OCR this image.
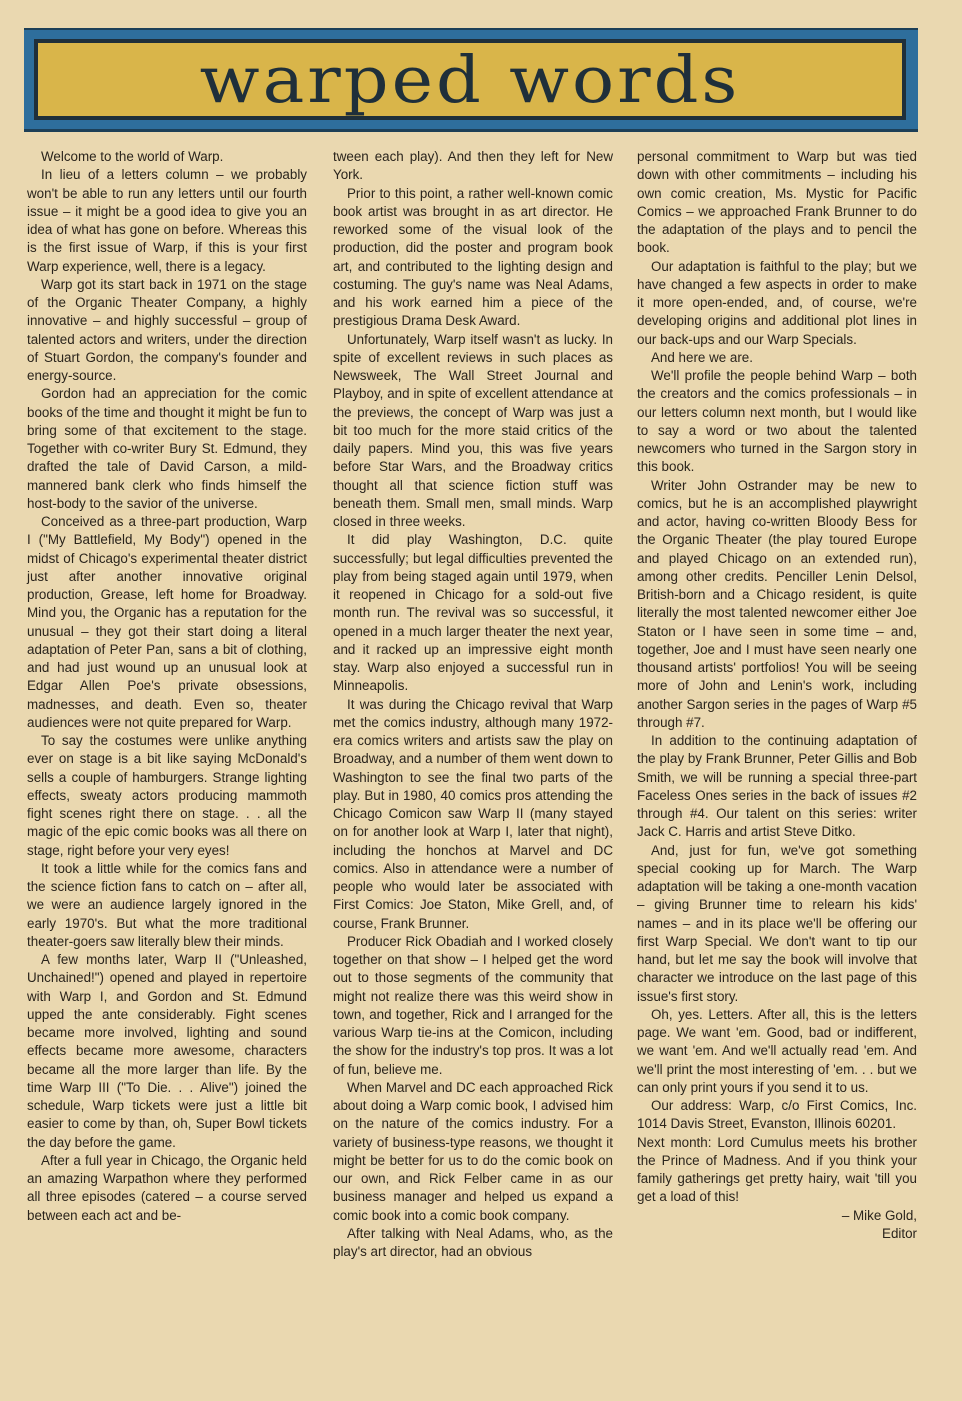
warped words

Welcome to the world of Warp.

In lieu of a letters column – we probably won't be able to run any letters until our fourth issue – it might be a good idea to give you an idea of what has gone on before. Whereas this is the first issue of Warp, if this is your first Warp experience, well, there is a legacy.

Warp got its start back in 1971 on the stage of the Organic Theater Company, a highly innovative – and highly successful – group of talented actors and writers, under the direction of Stuart Gordon, the company's founder and energy-source.

Gordon had an appreciation for the comic books of the time and thought it might be fun to bring some of that excitement to the stage. Together with co-writer Bury St. Edmund, they drafted the tale of David Carson, a mild-mannered bank clerk who finds himself the host-body to the savior of the universe.

Conceived as a three-part production, Warp I ("My Battlefield, My Body") opened in the midst of Chicago's experimental theater district just after another innovative original production, Grease, left home for Broadway. Mind you, the Organic has a reputation for the unusual – they got their start doing a literal adaptation of Peter Pan, sans a bit of clothing, and had just wound up an unusual look at Edgar Allen Poe's private obsessions, madnesses, and death. Even so, theater audiences were not quite prepared for Warp.

To say the costumes were unlike anything ever on stage is a bit like saying McDonald's sells a couple of hamburgers. Strange lighting effects, sweaty actors producing mammoth fight scenes right there on stage. . . all the magic of the epic comic books was all there on stage, right before your very eyes!

It took a little while for the comics fans and the science fiction fans to catch on – after all, we were an audience largely ignored in the early 1970's. But what the more traditional theater-goers saw literally blew their minds.

A few months later, Warp II ("Unleashed, Unchained!") opened and played in repertoire with Warp I, and Gordon and St. Edmund upped the ante considerably. Fight scenes became more involved, lighting and sound effects became more awesome, characters became all the more larger than life. By the time Warp III ("To Die. . . Alive") joined the schedule, Warp tickets were just a little bit easier to come by than, oh, Super Bowl tickets the day before the game.

After a full year in Chicago, the Organic held an amazing Warpathon where they performed all three episodes (catered – a course served between each act and be-

tween each play). And then they left for New York.

Prior to this point, a rather well-known comic book artist was brought in as art director. He reworked some of the visual look of the production, did the poster and program book art, and contributed to the lighting design and costuming. The guy's name was Neal Adams, and his work earned him a piece of the prestigious Drama Desk Award.

Unfortunately, Warp itself wasn't as lucky. In spite of excellent reviews in such places as Newsweek, The Wall Street Journal and Playboy, and in spite of excellent attendance at the previews, the concept of Warp was just a bit too much for the more staid critics of the daily papers. Mind you, this was five years before Star Wars, and the Broadway critics thought all that science fiction stuff was beneath them. Small men, small minds. Warp closed in three weeks.

It did play Washington, D.C. quite successfully; but legal difficulties prevented the play from being staged again until 1979, when it reopened in Chicago for a sold-out five month run. The revival was so successful, it opened in a much larger theater the next year, and it racked up an impressive eight month stay. Warp also enjoyed a successful run in Minneapolis.

It was during the Chicago revival that Warp met the comics industry, although many 1972-era comics writers and artists saw the play on Broadway, and a number of them went down to Washington to see the final two parts of the play. But in 1980, 40 comics pros attending the Chicago Comicon saw Warp II (many stayed on for another look at Warp I, later that night), including the honchos at Marvel and DC comics. Also in attendance were a number of people who would later be associated with First Comics: Joe Staton, Mike Grell, and, of course, Frank Brunner.

Producer Rick Obadiah and I worked closely together on that show – I helped get the word out to those segments of the community that might not realize there was this weird show in town, and together, Rick and I arranged for the various Warp tie-ins at the Comicon, including the show for the industry's top pros. It was a lot of fun, believe me.

When Marvel and DC each approached Rick about doing a Warp comic book, I advised him on the nature of the comics industry. For a variety of business-type reasons, we thought it might be better for us to do the comic book on our own, and Rick Felber came in as our business manager and helped us expand a comic book into a comic book company.

After talking with Neal Adams, who, as the play's art director, had an obvious

personal commitment to Warp but was tied down with other commitments – including his own comic creation, Ms. Mystic for Pacific Comics – we approached Frank Brunner to do the adaptation of the plays and to pencil the book.

Our adaptation is faithful to the play; but we have changed a few aspects in order to make it more open-ended, and, of course, we're developing origins and additional plot lines in our back-ups and our Warp Specials.

And here we are.

We'll profile the people behind Warp – both the creators and the comics professionals – in our letters column next month, but I would like to say a word or two about the talented newcomers who turned in the Sargon story in this book.

Writer John Ostrander may be new to comics, but he is an accomplished playwright and actor, having co-written Bloody Bess for the Organic Theater (the play toured Europe and played Chicago on an extended run), among other credits. Penciller Lenin Delsol, British-born and a Chicago resident, is quite literally the most talented newcomer either Joe Staton or I have seen in some time – and, together, Joe and I must have seen nearly one thousand artists' portfolios! You will be seeing more of John and Lenin's work, including another Sargon series in the pages of Warp #5 through #7.

In addition to the continuing adaptation of the play by Frank Brunner, Peter Gillis and Bob Smith, we will be running a special three-part Faceless Ones series in the back of issues #2 through #4. Our talent on this series: writer Jack C. Harris and artist Steve Ditko.

And, just for fun, we've got something special cooking up for March. The Warp adaptation will be taking a one-month vacation – giving Brunner time to relearn his kids' names – and in its place we'll be offering our first Warp Special. We don't want to tip our hand, but let me say the book will involve that character we introduce on the last page of this issue's first story.

Oh, yes. Letters. After all, this is the letters page. We want 'em. Good, bad or indifferent, we want 'em. And we'll actually read 'em. And we'll print the most interesting of 'em. . . but we can only print yours if you send it to us.

Our address: Warp, c/o First Comics, Inc. 1014 Davis Street, Evanston, Illinois 60201.

Next month: Lord Cumulus meets his brother the Prince of Madness. And if you think your family gatherings get pretty hairy, wait 'till you get a load of this!

– Mike Gold,

Editor
